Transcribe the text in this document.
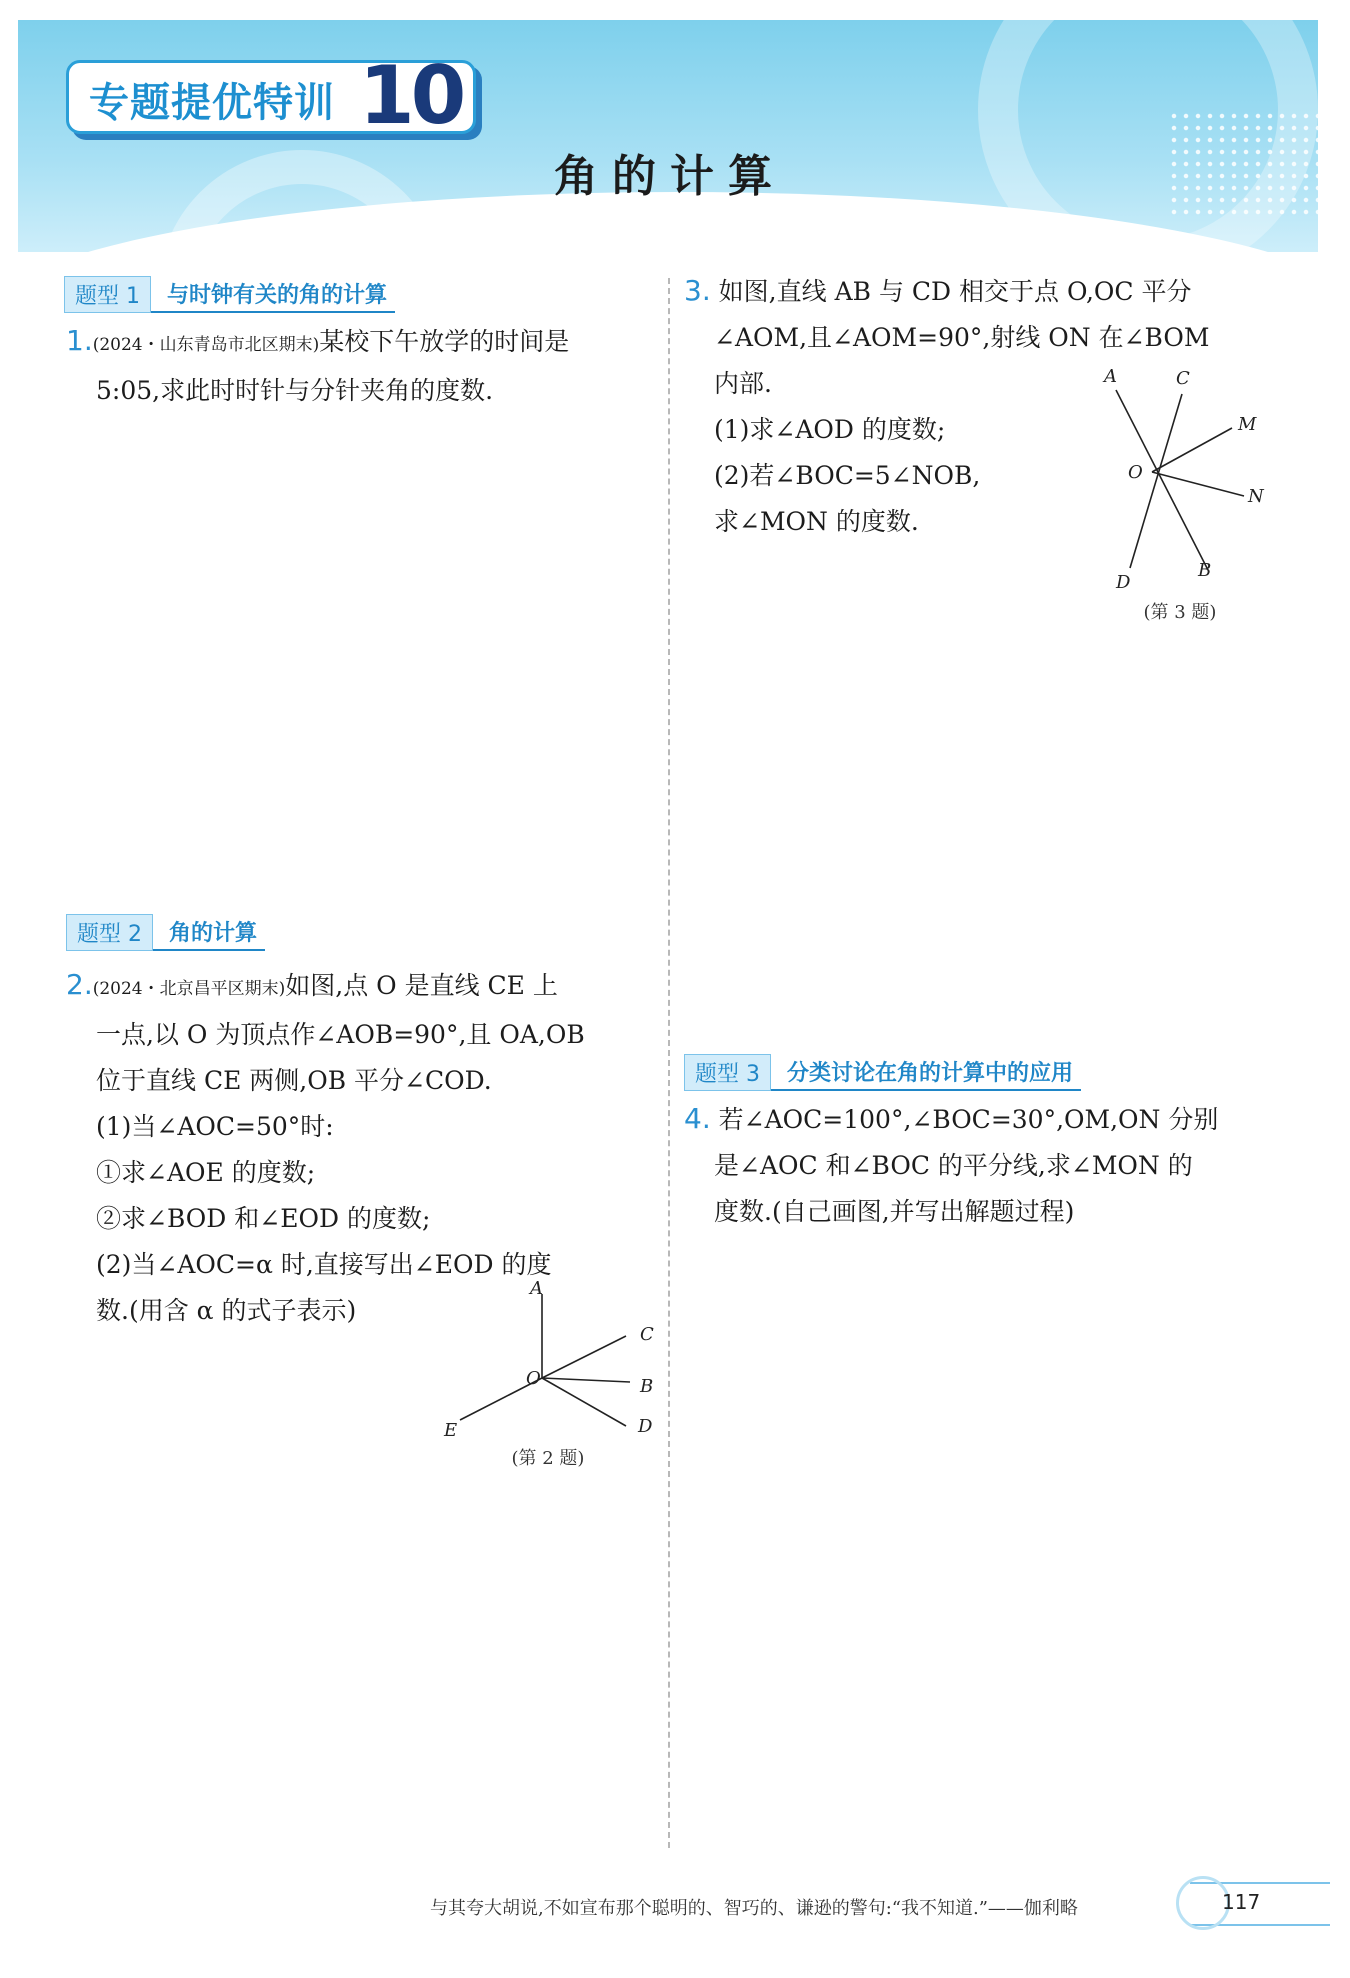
专题提优特训 10
角的计算
题型 1 与时钟有关的角的计算
1.(2024・山东青岛市北区期末)某校下午放学的时间是
5:05,求此时时针与分针夹角的度数.
题型 2 角的计算
2.(2024・北京昌平区期末)如图,点 O 是直线 CE 上
一点,以 O 为顶点作∠AOB=90°,且 OA,OB
位于直线 CE 两侧,OB 平分∠COD.
(1)当∠AOC=50°时:
①求∠AOE 的度数;
②求∠BOD 和∠EOD 的度数;
(2)当∠AOC=α 时,直接写出∠EOD 的度
数.(用含 α 的式子表示)
A
C
O	B
E	D
(第 2 题)
3. 如图,直线 AB 与 CD 相交于点 O,OC 平分
∠AOM,且∠AOM=90°,射线 ON 在∠BOM
内部.
(1)求∠AOD 的度数;
(2)若∠BOC=5∠NOB,
求∠MON 的度数.
A	C
M
O
N
B
D
(第 3 题)
题型 3 分类讨论在角的计算中的应用
4. 若∠AOC=100°,∠BOC=30°,OM,ON 分别
是∠AOC 和∠BOC 的平分线,求∠MON 的
度数.(自己画图,并写出解题过程)
与其夸大胡说,不如宣布那个聪明的、智巧的、谦逊的警句:“我不知道.”——伽利略	117
